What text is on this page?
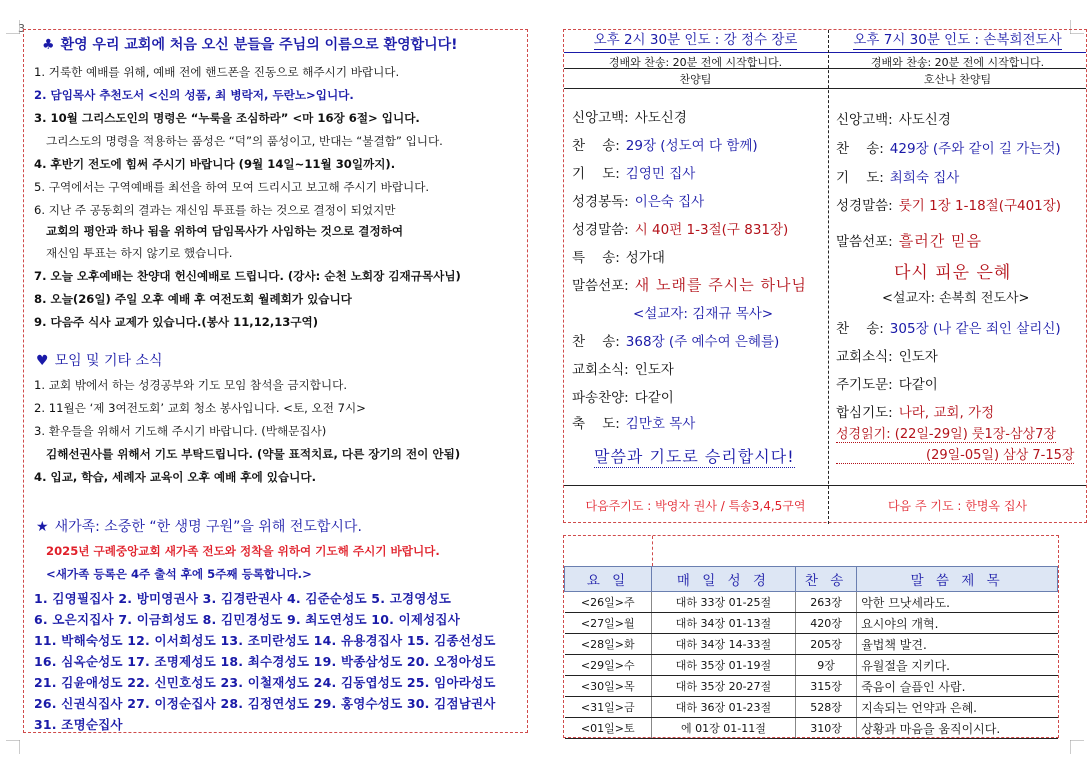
3
♣ 환영 우리 교회에 처음 오신 분들을 주님의 이름으로 환영합니다!
1. 거룩한 예배를 위해, 예배 전에 핸드폰을 진동으로 해주시기 바랍니다.
2. 담임목사 추천도서 <신의 성품, 최 병락저, 두란노>입니다.
3. 10월 그리스도인의 명령은 “누룩을 조심하라” <마 16장 6절> 입니다.
그리스도의 명령을 적용하는 품성은 “덕”의 품성이고, 반대는 “불결함” 입니다.
4. 후반기 전도에 힘써 주시기 바랍니다 (9월 14일~11월 30일까지).
5. 구역에서는 구역예배를 최선을 하여 모여 드리시고 보고해 주시기 바랍니다.
6. 지난 주 공동회의 결과는 재신임 투표를 하는 것으로 결정이 되었지만
교회의 평안과 하나 됨을 위하여 담임목사가 사임하는 것으로 결정하여
재신임 투표는 하지 않기로 했습니다.
7. 오늘 오후예배는 찬양대 헌신예배로 드립니다. (강사: 순천 노회장 김재규목사님)
8. 오늘(26일) 주일 오후 예배 후 여전도회 월례회가 있습니다
9. 다음주 식사 교제가 있습니다.(봉사 11,12,13구역)
♥ 모임 및 기타 소식
1. 교회 밖에서 하는 성경공부와 기도 모임 참석을 금지합니다.
2. 11월은 ‘제 3여전도회’ 교회 청소 봉사입니다. <토, 오전 7시>
3. 환우들을 위해서 기도해 주시기 바랍니다. (박해문집사)
김해선권사를 위해서 기도 부탁드립니다. (약물 표적치료, 다른 장기의 전이 안됨)
4. 입교, 학습, 세례자 교육이 오후 예배 후에 있습니다.
★ 새가족: 소중한 “한 생명 구원”을 위해 전도합시다.
2025년 구례중앙교회 새가족 전도와 정착을 위하여 기도해 주시기 바랍니다.
<새가족 등록은 4주 출석 후에 5주째 등록합니다.>
1. 김영필집사 2. 방미영권사 3. 김경란권사 4. 김준순성도 5. 고경영성도
6. 오은지집사 7. 이금희성도 8. 김민경성도 9. 최도연성도 10. 이제성집사
11. 박해숙성도 12. 이서희성도 13. 조미란성도 14. 유용경집사 15. 김종선성도
16. 심옥순성도 17. 조명제성도 18. 최수경성도 19. 박종삼성도 20. 오정아성도
21. 김윤애성도 22. 신민호성도 23. 이철재성도 24. 김동엽성도 25. 임아라성도
26. 신권식집사 27. 이정순집사 28. 김정연성도 29. 홍영수성도 30. 김점남권사
31. 조명순집사
오후 2시 30분 인도 : 강 정수 장로	오후 7시 30분 인도 : 손복희전도사
경배와 찬송: 20분 전에 시작합니다.	경배와 찬송: 20분 전에 시작합니다.
찬양팀	호산나 찬양팀
신앙고백: 사도신경
찬    송: 29장 (성도여 다 함께)
기    도: 김영민 집사
성경봉독: 이은숙 집사
성경말씀: 시 40편 1-3절(구 831장)
특    송: 성가대
말씀선포: 새 노래를 주시는 하나님
<설교자: 김재규 목사>
찬    송: 368장 (주 예수여 은혜를)
교회소식: 인도자
파송찬양: 다같이
축    도: 김만호 목사
말씀과 기도로 승리합시다!
신앙고백: 사도신경
찬    송: 429장 (주와 같이 길 가는것)
기    도: 최희숙 집사
성경말씀: 룻기 1장 1-18절(구401장)
말씀선포: 흘러간 믿음
다시 피운 은혜
<설교자: 손복희 전도사>
찬    송: 305장 (나 같은 죄인 살리신)
교회소식: 인도자
주기도문: 다같이
합심기도: 나라, 교회, 가정
성경읽기: (22일-29일) 룻1장-삼상7장
(29일-05일) 삼상 7-15장
다음주기도 : 박영자 권사 / 특송3,4,5구역	다음 주 기도 : 한명옥 집사
요 일	매 일 성 경	찬 송	말 씀 제 목
<26일>주	대하 33장 01-25절	263장	악한 므낫세라도.
<27일>월	대하 34장 01-13절	420장	요시야의 개혁.
<28일>화	대하 34장 14-33절	205장	율법책 발견.
<29일>수	대하 35장 01-19절	9장	유월절을 지키다.
<30일>목	대하 35장 20-27절	315장	죽음이 슬픔인 사람.
<31일>금	대하 36장 01-23절	528장	지속되는 언약과 은혜.
<01일>토	에 01장 01-11절	310장	상황과 마음을 움직이시다.
